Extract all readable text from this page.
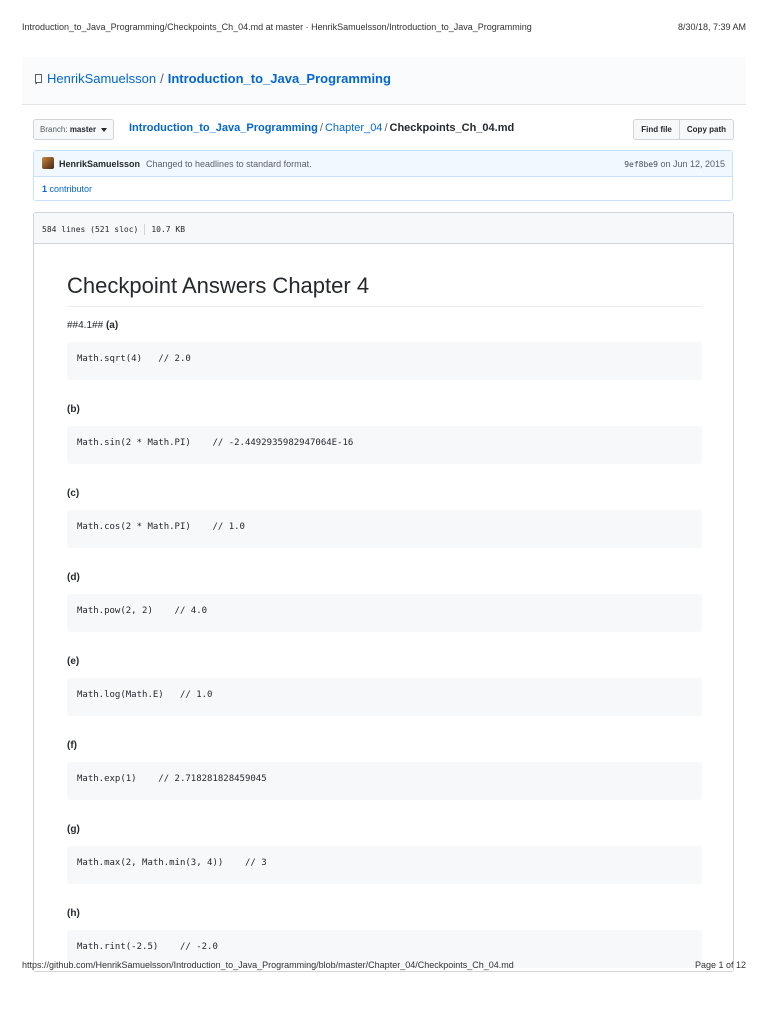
Introduction_to_Java_Programming/Checkpoints_Ch_04.md at master · HenrikSamuelsson/Introduction_to_Java_Programming	8/30/18, 7:39 AM
HenrikSamuelsson / Introduction_to_Java_Programming
Branch: master	Introduction_to_Java_Programming / Chapter_04 / Checkpoints_Ch_04.md	Find file	Copy path
HenrikSamuelsson Changed to headlines to standard format.	9ef8be9 on Jun 12, 2015
1 contributor
584 lines (521 sloc) 10.7 KB
Checkpoint Answers Chapter 4

##4.1## (a)

Math.sqrt(4)   // 2.0

(b)

Math.sin(2 * Math.PI)    // -2.4492935982947064E-16

(c)

Math.cos(2 * Math.PI)    // 1.0

(d)

Math.pow(2, 2)    // 4.0

(e)

Math.log(Math.E)   // 1.0

(f)

Math.exp(1)    // 2.718281828459045

(g)

Math.max(2, Math.min(3, 4))    // 3

(h)

Math.rint(-2.5)    // -2.0
https://github.com/HenrikSamuelsson/Introduction_to_Java_Programming/blob/master/Chapter_04/Checkpoints_Ch_04.md	Page 1 of 12
